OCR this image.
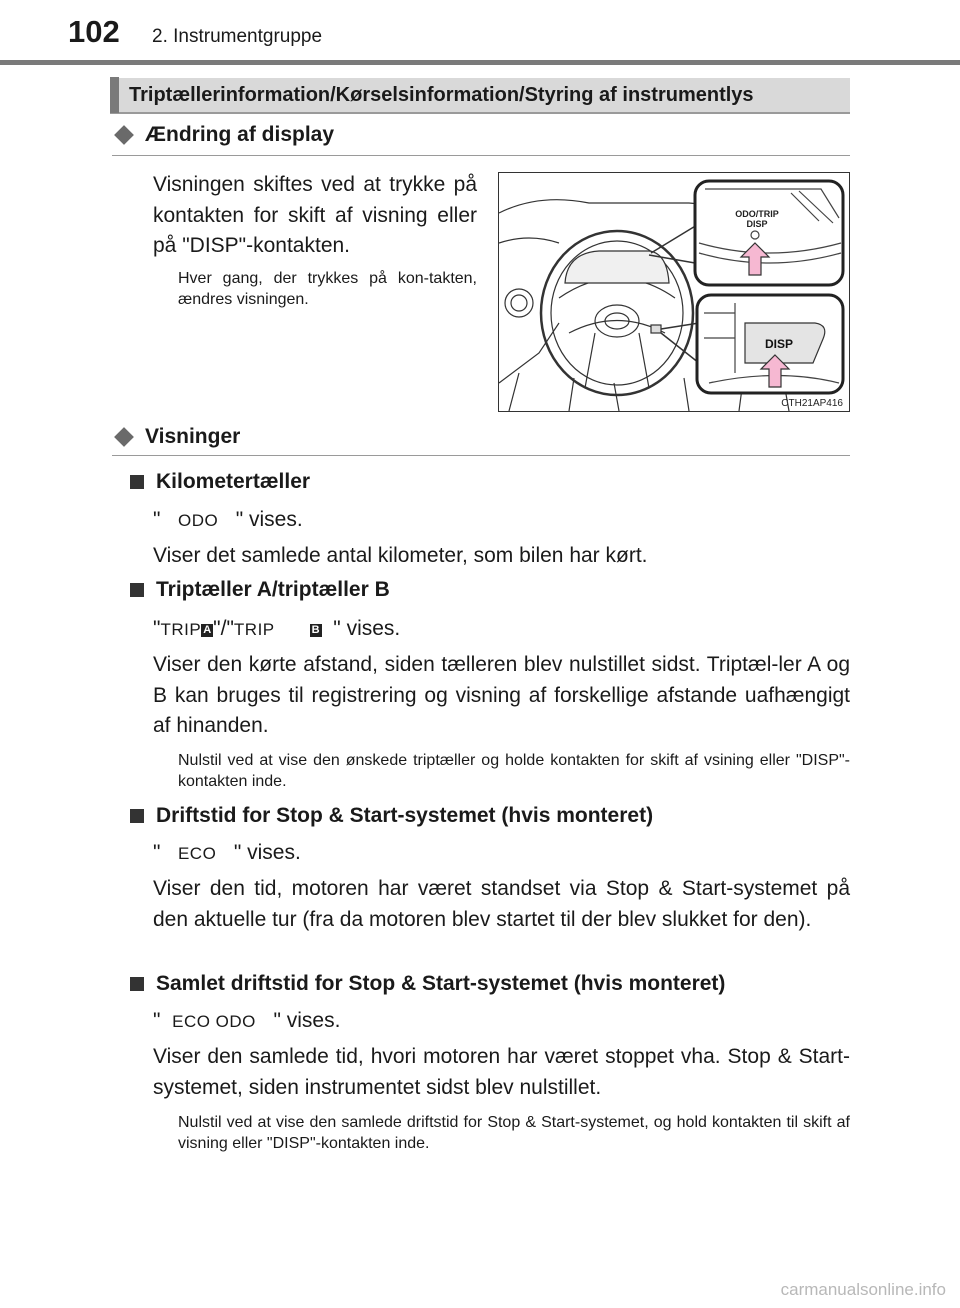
102 2. Instrumentgruppe
Triptællerinformation/Kørselsinformation/Styring af instrumentlys
Ændring af display
Visningen skiftes ved at trykke på kontakten for skift af visning eller på "DISP"-kontakten.
Hver gang, der trykkes på kon-takten, ændres visningen.
ODO/TRIP
DISP
DISP
CTH21AP416
Visninger
Kilometertæller
"   ODO " vises.
Viser det samlede antal kilometer, som bilen har kørt.
Triptæller A/triptæller B
"TRIP A"/"TRIP	B " vises.
Viser den kørte afstand, siden tælleren blev nulstillet sidst. Triptæl-ler A og B kan bruges til registrering og visning af forskellige afstande uafhængigt af hinanden.
Nulstil ved at vise den ønskede triptæller og holde kontakten for skift af vsining eller "DISP"-kontakten inde.
Driftstid for Stop & Start-systemet (hvis monteret)
"   ECO " vises.
Viser den tid, motoren har været standset via Stop & Start-systemet på den aktuelle tur (fra da motoren blev startet til der blev slukket for den).
Samlet driftstid for Stop & Start-systemet (hvis monteret)
"  ECO ODO " vises.
Viser den samlede tid, hvori motoren har været stoppet vha. Stop & Start-systemet, siden instrumentet sidst blev nulstillet.
Nulstil ved at vise den samlede driftstid for Stop & Start-systemet, og hold kontakten til skift af visning eller "DISP"-kontakten inde.
carmanualsonline.info
